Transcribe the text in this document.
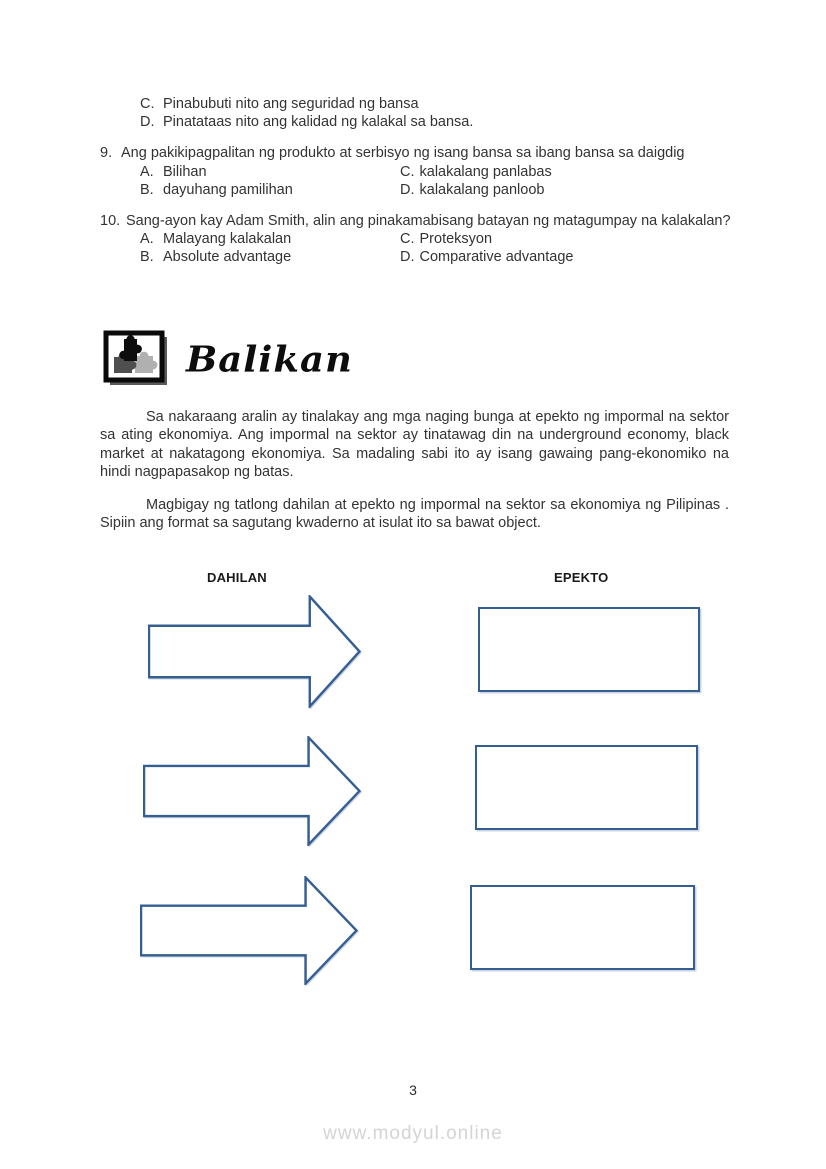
C. Pinabubuti nito ang seguridad ng bansa
D. Pinatataas nito ang kalidad ng kalakal sa bansa.
9. Ang pakikipagpalitan ng produkto at serbisyo ng isang bansa sa ibang bansa sa daigdig
A. Bilihan	C. kalakalang panlabas
B. dayuhang pamilihan	D. kalakalang panloob
10. Sang-ayon kay Adam Smith, alin ang pinakamabisang batayan ng matagumpay na kalakalan?
A. Malayang kalakalan	C. Proteksyon
B. Absolute advantage	D. Comparative advantage
Balikan

Sa nakaraang aralin ay tinalakay ang mga naging bunga at epekto ng impormal na sektor sa ating ekonomiya. Ang impormal na sektor ay tinatawag din na underground economy, black market at nakatagong ekonomiya. Sa madaling sabi ito ay isang gawaing pang-ekonomiko na hindi nagpapasakop ng batas.

Magbigay ng tatlong dahilan at epekto ng impormal na sektor sa ekonomiya ng Pilipinas . Sipiin ang format sa sagutang kwaderno at isulat ito sa bawat object.

DAHILAN	EPEKTO
3
www.modyul.online
